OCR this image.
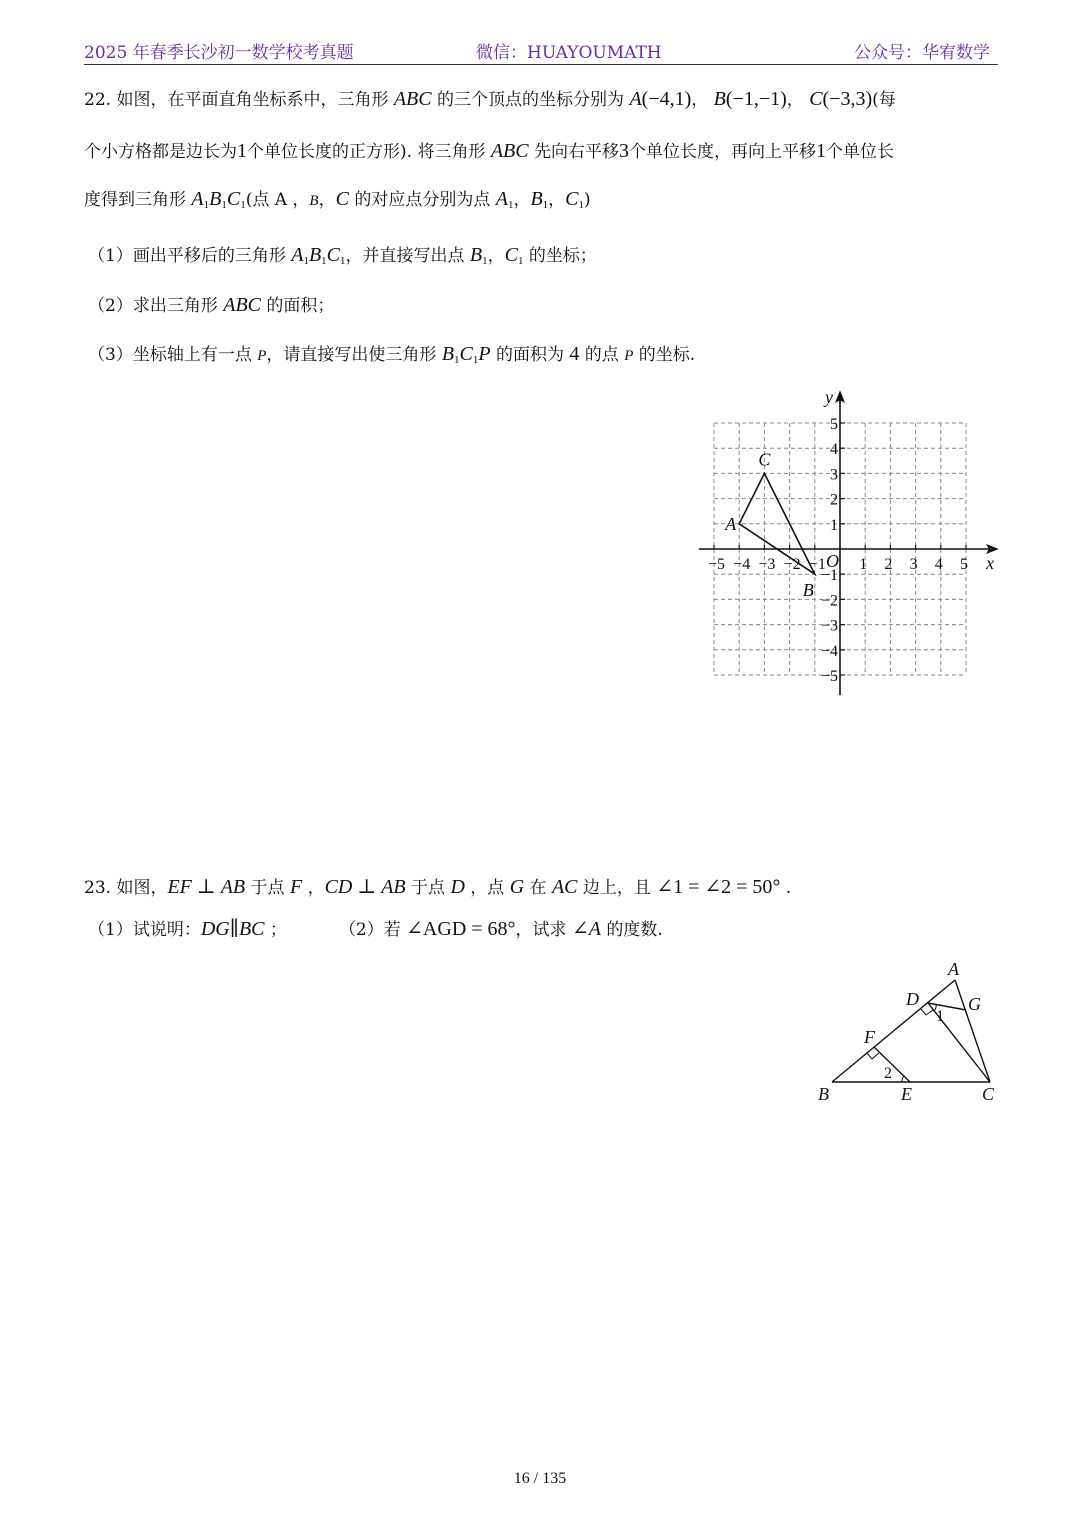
2025 年春季长沙初一数学校考真题	微信：HUAYOUMATH	公众号：华宥数学
22. 如图，在平面直角坐标系中，三角形 ABC 的三个顶点的坐标分别为 A(−4,1)， B(−1,−1)， C(−3,3)(每
个小方格都是边长为1个单位长度的正方形). 将三角形 ABC 先向右平移3个单位长度，再向上平移1个单位长
度得到三角形 $A_1B_1C_1$(点 A ，B，C 的对应点分别为点 $A_1$，$B_1$，$C_1$)
（1）画出平移后的三角形 $A_1B_1C_1$，并直接写出点 $B_1$，$C_1$ 的坐标；
（2）求出三角形 ABC 的面积；
（3）坐标轴上有一点 P，请直接写出使三角形 $B_1C_1P$ 的面积为 4 的点 P 的坐标.
−5 −4 −3 −2 −1 1 2 3 4 5
5
4
3
2
1
−1
−2
−3
−4
−5
x
y
O
A
B
C
23. 如图，EF ⊥ AB 于点 F ，CD ⊥ AB 于点 D ，点 G 在 AC 边上，且 ∠1 = ∠2 = 50° .
（1）试说明：DG∥BC ；	（2）若 ∠AGD = 68°，试求 ∠A 的度数.
A
B	C
D
E
F
G
1
2
16 / 135
